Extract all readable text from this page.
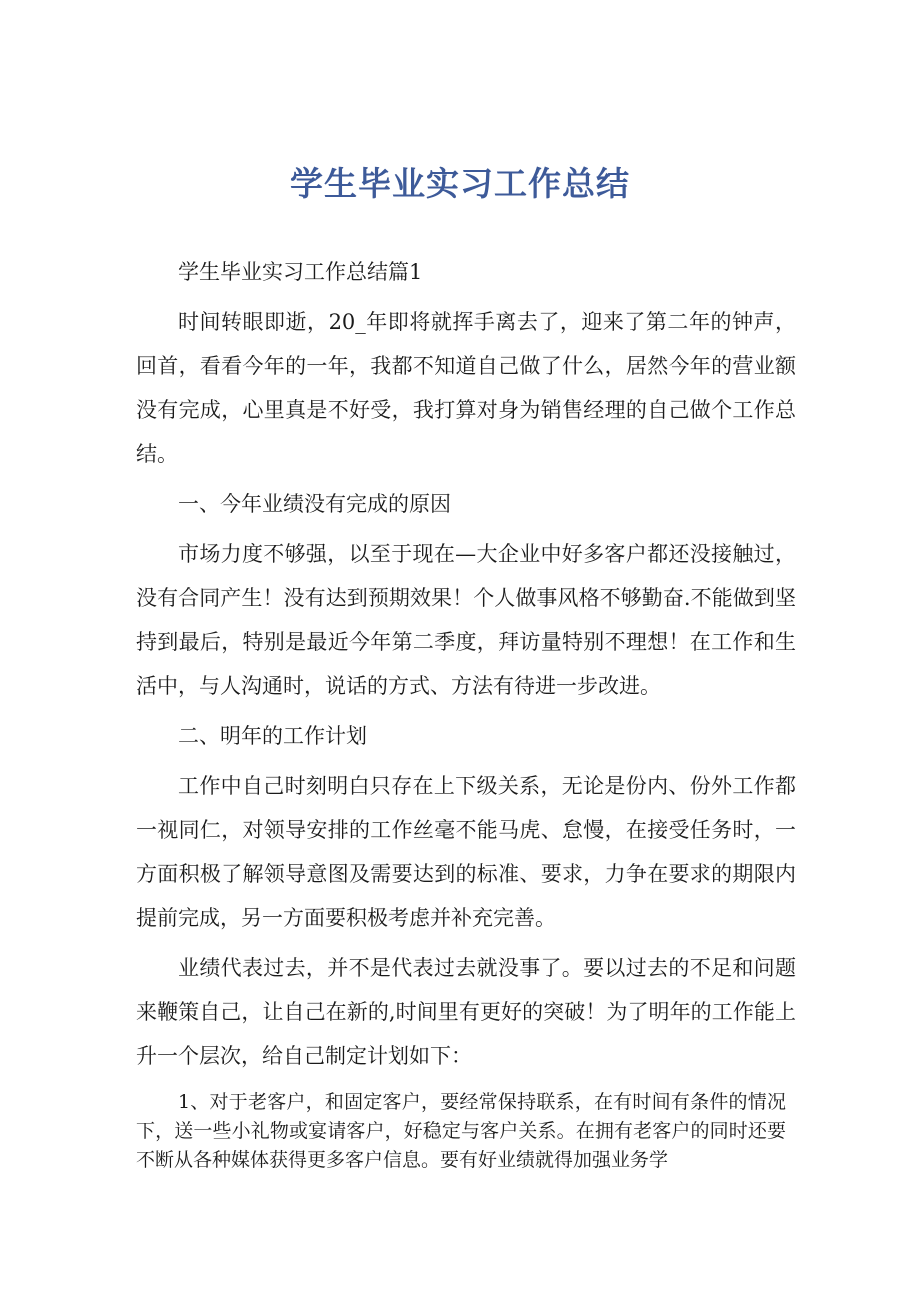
学生毕业实习工作总结

学生毕业实习工作总结篇1

时间转眼即逝，20_年即将就挥手离去了，迎来了第二年的钟声，回首，看看今年的一年，我都不知道自己做了什么，居然今年的营业额没有完成，心里真是不好受，我打算对身为销售经理的自己做个工作总结。

一、今年业绩没有完成的原因

市场力度不够强，以至于现在—大企业中好多客户都还没接触过，没有合同产生！没有达到预期效果！个人做事风格不够勤奋.不能做到坚持到最后，特别是最近今年第二季度，拜访量特别不理想！在工作和生活中，与人沟通时，说话的方式、方法有待进一步改进。

二、明年的工作计划

工作中自己时刻明白只存在上下级关系，无论是份内、份外工作都一视同仁，对领导安排的工作丝毫不能马虎、怠慢，在接受任务时，一方面积极了解领导意图及需要达到的标准、要求，力争在要求的期限内提前完成，另一方面要积极考虑并补充完善。

业绩代表过去，并不是代表过去就没事了。要以过去的不足和问题来鞭策自己，让自己在新的,时间里有更好的突破！为了明年的工作能上升一个层次，给自己制定计划如下：

1、对于老客户，和固定客户，要经常保持联系，在有时间有条件的情况下，送一些小礼物或宴请客户，好稳定与客户关系。在拥有老客户的同时还要不断从各种媒体获得更多客户信息。要有好业绩就得加强业务学
